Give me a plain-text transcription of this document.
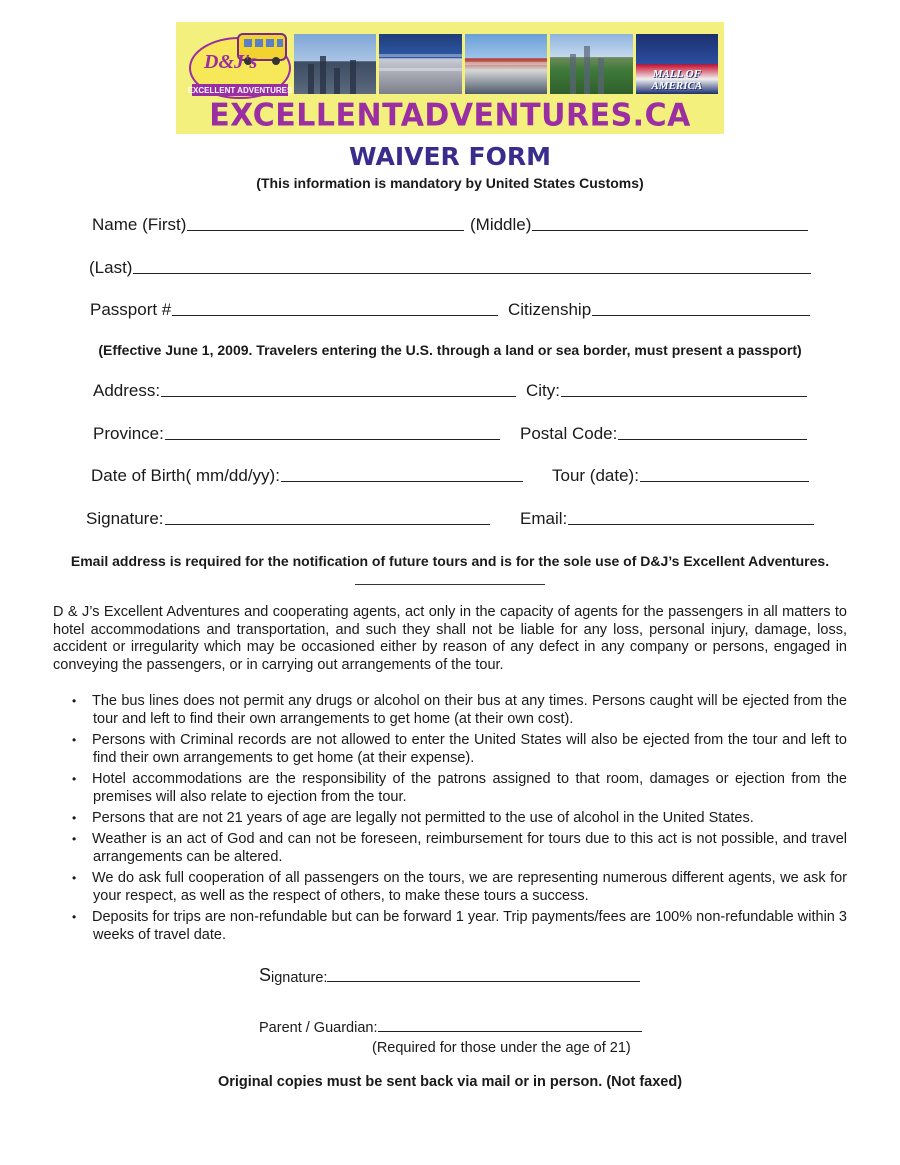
D&J's
EXCELLENT ADVENTURES
MALL OF AMERICA
EXCELLENTADVENTURES.CA
WAIVER FORM
(This information is mandatory by United States Customs)
Name (First)	(Middle)
(Last)
Passport #	Citizenship
(Effective June 1, 2009. Travelers entering the U.S. through a land or sea border, must present a passport)
Address:	City:
Province:	Postal Code:
Date of Birth( mm/dd/yy):	Tour (date):
Signature:	Email:
Email address is required for the notification of future tours and is for the sole use of D&J’s Excellent Adventures.
D & J’s Excellent Adventures and cooperating agents, act only in the capacity of agents for the passengers in all matters to hotel accommodations and transportation, and such they shall not be liable for any loss, personal injury, damage, loss, accident or irregularity which may be occasioned either by reason of any defect in any company or persons, engaged in conveying the passengers, or in carrying out arrangements of the tour.
• The bus lines does not permit any drugs or alcohol on their bus at any times. Persons caught will be ejected from the tour and left to find their own arrangements to get home (at their own cost).
• Persons with Criminal records are not allowed to enter the United States will also be ejected from the tour and left to find their own arrangements to get home (at their expense).
• Hotel accommodations are the responsibility of the patrons assigned to that room, damages or ejection from the premises will also relate to ejection from the tour.
• Persons that are not 21 years of age are legally not permitted to the use of alcohol in the United States.
• Weather is an act of God and can not be foreseen, reimbursement for tours due to this act is not possible, and travel arrangements can be altered.
• We do ask full cooperation of all passengers on the tours, we are representing numerous different agents, we ask for your respect, as well as the respect of others, to make these tours a success.
• Deposits for trips are non-refundable but can be forward 1 year. Trip payments/fees are 100% non-refundable within 3 weeks of travel date.
S ignature:
Parent / Guardian:
(Required for those under the age of 21)
Original copies must be sent back via mail or in person. (Not faxed)
